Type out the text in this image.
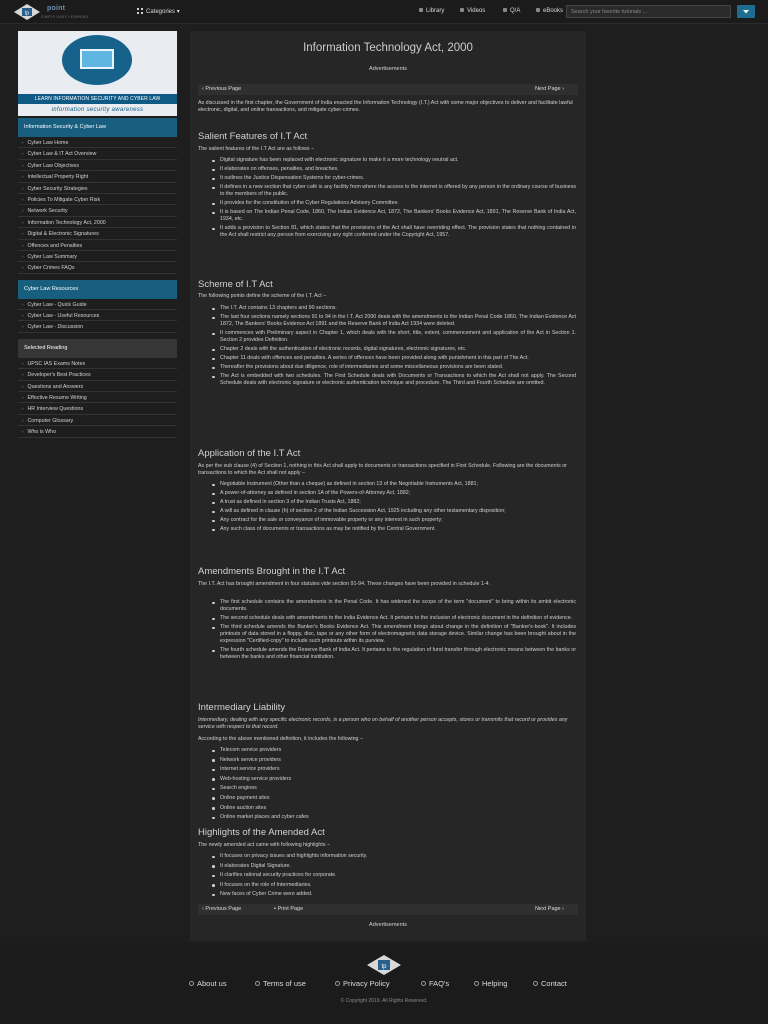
tp
point
SIMPLY EASY LEARNING
Categories ▾	Library	Videos	Q/A	eBooks	Search your favorite tutorials ...
LEARN INFORMATION SECURITY AND CYBER LAW
information security awareness
Information Security & Cyber Law
› Cyber Law Home
› Cyber Law & IT Act Overview
› Cyber Law Objectives
› Intellectual Property Right
› Cyber Security Strategies
› Policies To Mitigate Cyber Risk
› Network Security
› Information Technology Act, 2000
› Digital & Electronic Signatures
› Offences and Penalties
› Cyber Law Summary
› Cyber Crimes FAQs
Cyber Law Resources
› Cyber Law - Quick Guide
› Cyber Law - Useful Resources
› Cyber Law - Discussion
Selected Reading
› UPSC IAS Exams Notes
› Developer's Best Practices
› Questions and Answers
› Effective Resume Writing
› HR Interview Questions
› Computer Glossary
› Who is Who
Information Technology Act, 2000
Advertisements
‹ Previous Page	Next Page ›
As discussed in the first chapter, the Government of India enacted the Information Technology (I.T.) Act with some major objectives to deliver and facilitate lawful electronic, digital, and online transactions, and mitigate cyber-crimes.
Salient Features of I.T Act
The salient features of the I.T Act are as follows −
Digital signature has been replaced with electronic signature to make it a more technology neutral act.
It elaborates on offenses, penalties, and breaches.
It outlines the Justice Dispensation Systems for cyber-crimes.
It defines in a new section that cyber café is any facility from where the access to the internet is offered by any person in the ordinary course of business to the members of the public.
It provides for the constitution of the Cyber Regulations Advisory Committee.
It is based on The Indian Penal Code, 1860, The Indian Evidence Act, 1872, The Bankers' Books Evidence Act, 1891, The Reserve Bank of India Act, 1934, etc.
It adds a provision to Section 81, which states that the provisions of the Act shall have overriding effect. The provision states that nothing contained in the Act shall restrict any person from exercising any right conferred under the Copyright Act, 1957.
Scheme of I.T Act
The following points define the scheme of the I.T. Act −
The I.T. Act contains 13 chapters and 90 sections.
The last four sections namely sections 91 to 94 in the I.T. Act 2000 deals with the amendments to the Indian Penal Code 1860, The Indian Evidence Act 1872, The Bankers' Books Evidence Act 1891 and the Reserve Bank of India Act 1934 were deleted.
It commences with Preliminary aspect in Chapter 1, which deals with the short, title, extent, commencement and application of the Act in Section 1. Section 2 provides Definition.
Chapter 2 deals with the authentication of electronic records, digital signatures, electronic signatures, etc.
Chapter 11 deals with offences and penalties. A series of offences have been provided along with punishment in this part of The Act.
Thereafter the provisions about due diligence, role of intermediaries and some miscellaneous provisions are been stated.
The Act is embedded with two schedules. The First Schedule deals with Documents or Transactions to which the Act shall not apply. The Second Schedule deals with electronic signature or electronic authentication technique and procedure. The Third and Fourth Schedule are omitted.
Application of the I.T Act
As per the sub clause (4) of Section 1, nothing in this Act shall apply to documents or transactions specified in First Schedule. Following are the documents or transactions to which the Act shall not apply −
Negotiable Instrument (Other than a cheque) as defined in section 13 of the Negotiable Instruments Act, 1881;
A power-of-attorney as defined in section 1A of the Powers-of-Attorney Act, 1882;
A trust as defined in section 3 of the Indian Trusts Act, 1882;
A will as defined in clause (h) of section 2 of the Indian Succession Act, 1925 including any other testamentary disposition;
Any contract for the sale or conveyance of immovable property or any interest in such property;
Any such class of documents or transactions as may be notified by the Central Government.
Amendments Brought in the I.T Act
The I.T. Act has brought amendment in four statutes vide section 91-94. These changes have been provided in schedule 1-4.
The first schedule contains the amendments in the Penal Code. It has widened the scope of the term "document" to bring within its ambit electronic documents.
The second schedule deals with amendments to the India Evidence Act. It pertains to the inclusion of electronic document in the definition of evidence.
The third schedule amends the Banker's Books Evidence Act. This amendment brings about change in the definition of "Banker's-book". It includes printouts of data stored in a floppy, disc, tape or any other form of electromagnetic data storage device. Similar change has been brought about in the expression "Certified-copy" to include such printouts within its purview.
The fourth schedule amends the Reserve Bank of India Act. It pertains to the regulation of fund transfer through electronic means between the banks or between the banks and other financial institution.
Intermediary Liability
Intermediary, dealing with any specific electronic records, is a person who on behalf of another person accepts, stores or transmits that record or provides any service with respect to that record.
According to the above mentioned definition, it includes the following −
Telecom service providers
Network service providers
Internet service providers
Web-hosting service providers
Search engines
Online payment sites
Online auction sites
Online market places and cyber cafes
Highlights of the Amended Act
The newly amended act came with following highlights −
It focuses on privacy issues and highlights information security.
It elaborates Digital Signature.
It clarifies rational security practices for corporate.
It focuses on the role of Intermediaries.
New faces of Cyber Crime were added.
‹ Previous Page	▪ Print Page	Next Page ›
Advertisements
tp
About us	Terms of use	Privacy Policy	FAQ's	Helping	Contact
© Copyright 2019. All Rights Reserved.
